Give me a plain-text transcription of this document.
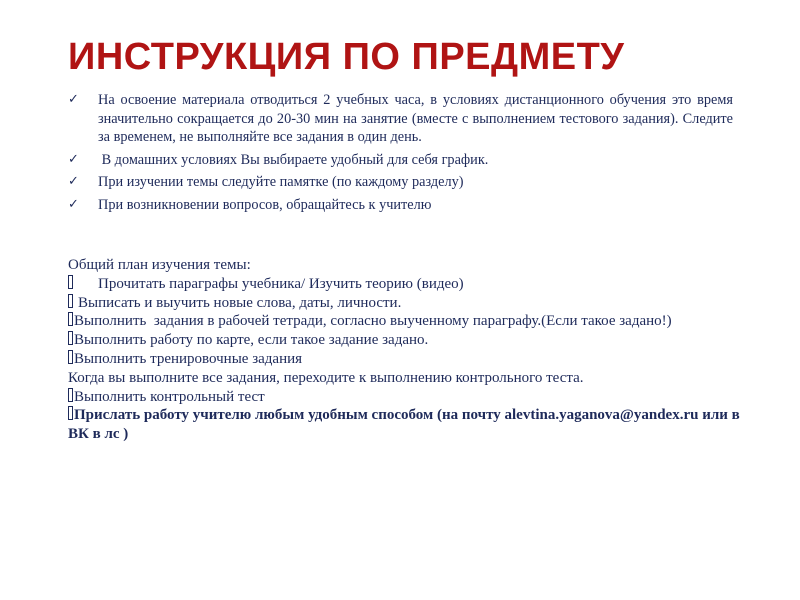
ИНСТРУКЦИЯ ПО ПРЕДМЕТУ
✓ На освоение материала отводиться 2 учебных часа, в условиях дистанционного обучения это время значительно сокращается до 20-30 мин на занятие (вместе с выполнением тестового задания). Следите за временем, не выполняйте все задания в один день.
✓ В домашних условиях Вы выбираете удобный для себя график.
✓ При изучении темы следуйте памятке (по каждому разделу)
✓ При возникновении вопросов, обращайтесь к учителю

Общий план изучения темы:

Прочитать параграфы учебника/ Изучить теорию (видео)

Выписать и выучить новые слова, даты, личности.

Выполнить  задания в рабочей тетради, согласно выученному параграфу.(Если такое задано!)

Выполнить работу по карте, если такое задание задано.

Выполнить тренировочные задания

Когда вы выполните все задания, переходите к выполнению контрольного теста.

Выполнить контрольный тест

Прислать работу учителю любым удобным способом (на почту alevtina.yaganova@yandex.ru или в ВК в лс )
